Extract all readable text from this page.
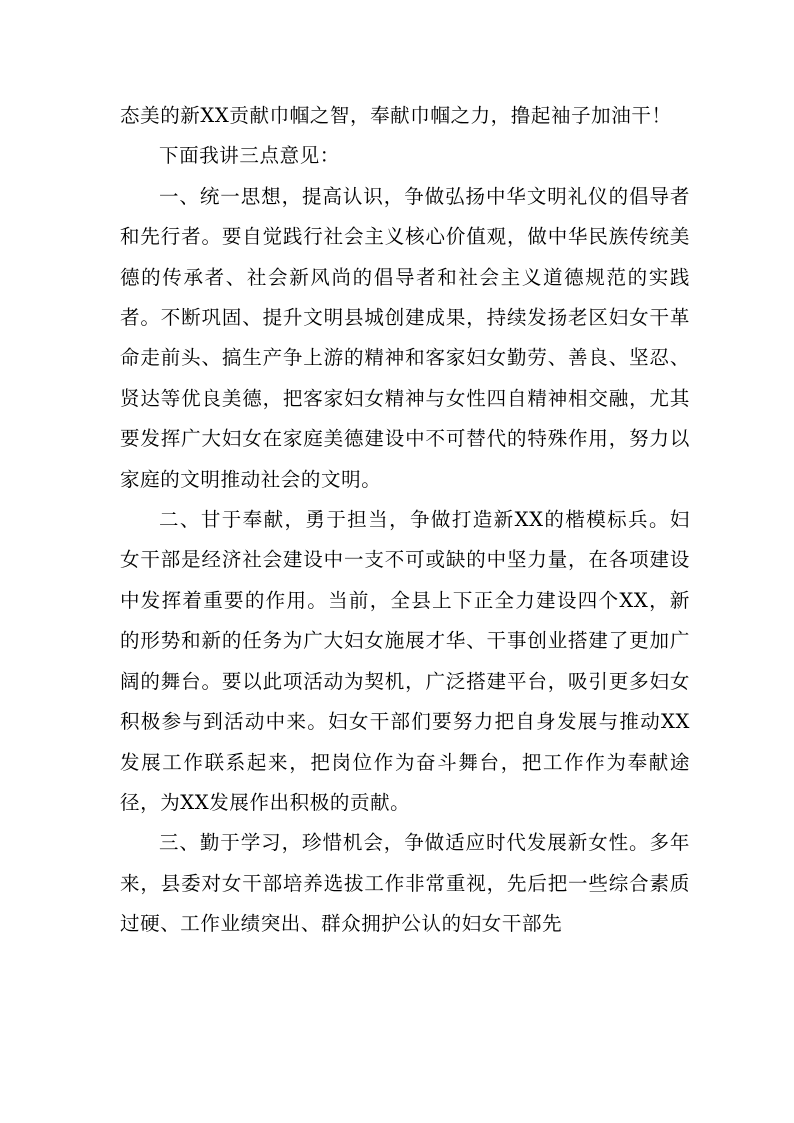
态美的新XX贡献巾帼之智，奉献巾帼之力，撸起袖子加油干！

下面我讲三点意见：

一、统一思想，提高认识，争做弘扬中华文明礼仪的倡导者和先行者。要自觉践行社会主义核心价值观，做中华民族传统美德的传承者、社会新风尚的倡导者和社会主义道德规范的实践者。不断巩固、提升文明县城创建成果，持续发扬老区妇女干革命走前头、搞生产争上游的精神和客家妇女勤劳、善良、坚忍、贤达等优良美德，把客家妇女精神与女性四自精神相交融，尤其要发挥广大妇女在家庭美德建设中不可替代的特殊作用，努力以家庭的文明推动社会的文明。

二、甘于奉献，勇于担当，争做打造新XX的楷模标兵。妇女干部是经济社会建设中一支不可或缺的中坚力量，在各项建设中发挥着重要的作用。当前，全县上下正全力建设四个XX，新的形势和新的任务为广大妇女施展才华、干事创业搭建了更加广阔的舞台。要以此项活动为契机，广泛搭建平台，吸引更多妇女积极参与到活动中来。妇女干部们要努力把自身发展与推动XX发展工作联系起来，把岗位作为奋斗舞台，把工作作为奉献途径，为XX发展作出积极的贡献。

三、勤于学习，珍惜机会，争做适应时代发展新女性。多年来，县委对女干部培养选拔工作非常重视，先后把一些综合素质过硬、工作业绩突出、群众拥护公认的妇女干部先
